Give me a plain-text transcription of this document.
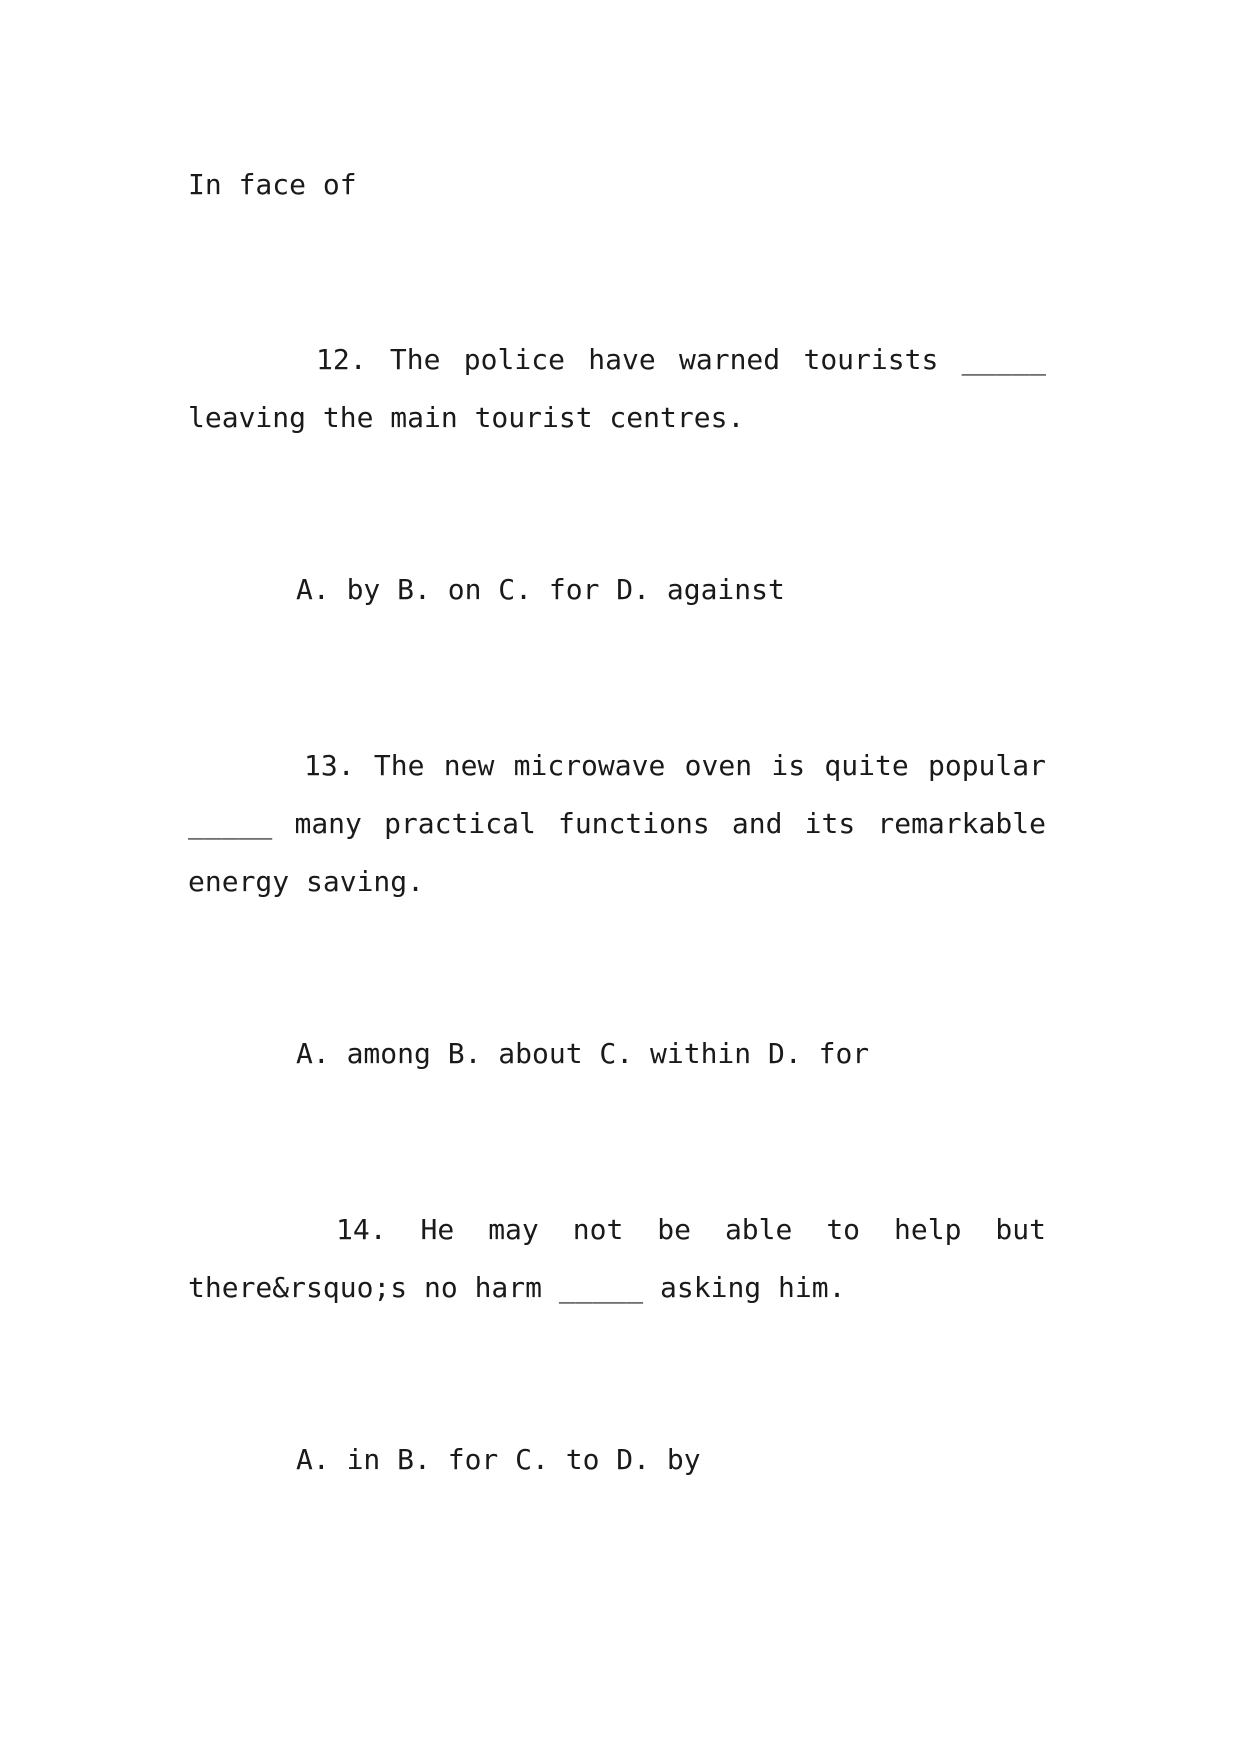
In face of
12. The police have warned tourists _____
leaving the main tourist centres.
A. by B. on C. for D. against
13. The new microwave oven is quite popular
_____ many practical functions and its remarkable
energy saving.
A. among B. about C. within D. for
14. He may not be able to help but
there&rsquo;s no harm _____ asking him.
A. in B. for C. to D. by
